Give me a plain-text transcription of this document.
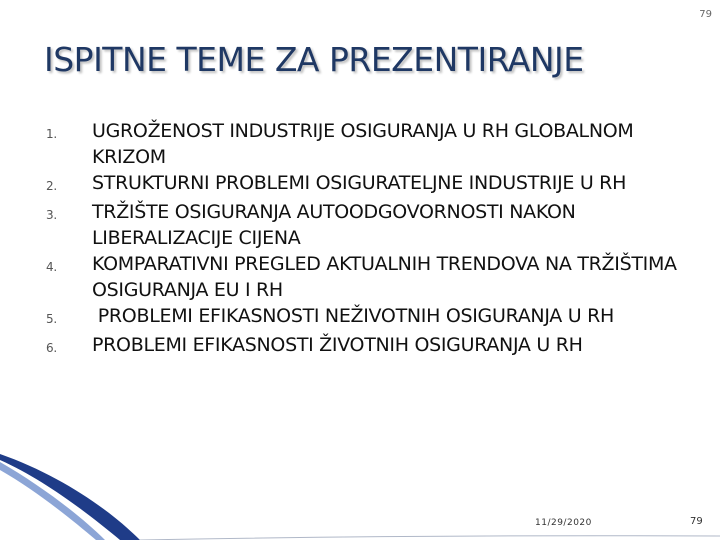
79
ISPITNE TEME ZA PREZENTIRANJE
1.	UGROŽENOST INDUSTRIJE OSIGURANJA U RH GLOBALNOM KRIZOM
2.	STRUKTURNI PROBLEMI OSIGURATELJNE INDUSTRIJE U RH
3.	TRŽIŠTE OSIGURANJA AUTOODGOVORNOSTI NAKON LIBERALIZACIJE CIJENA
4.	KOMPARATIVNI PREGLED AKTUALNIH TRENDOVA NA TRŽIŠTIMA OSIGURANJA EU I RH
5.	PROBLEMI EFIKASNOSTI NEŽIVOTNIH OSIGURANJA U RH
6.	PROBLEMI EFIKASNOSTI ŽIVOTNIH OSIGURANJA U RH
11/29/2020	79
